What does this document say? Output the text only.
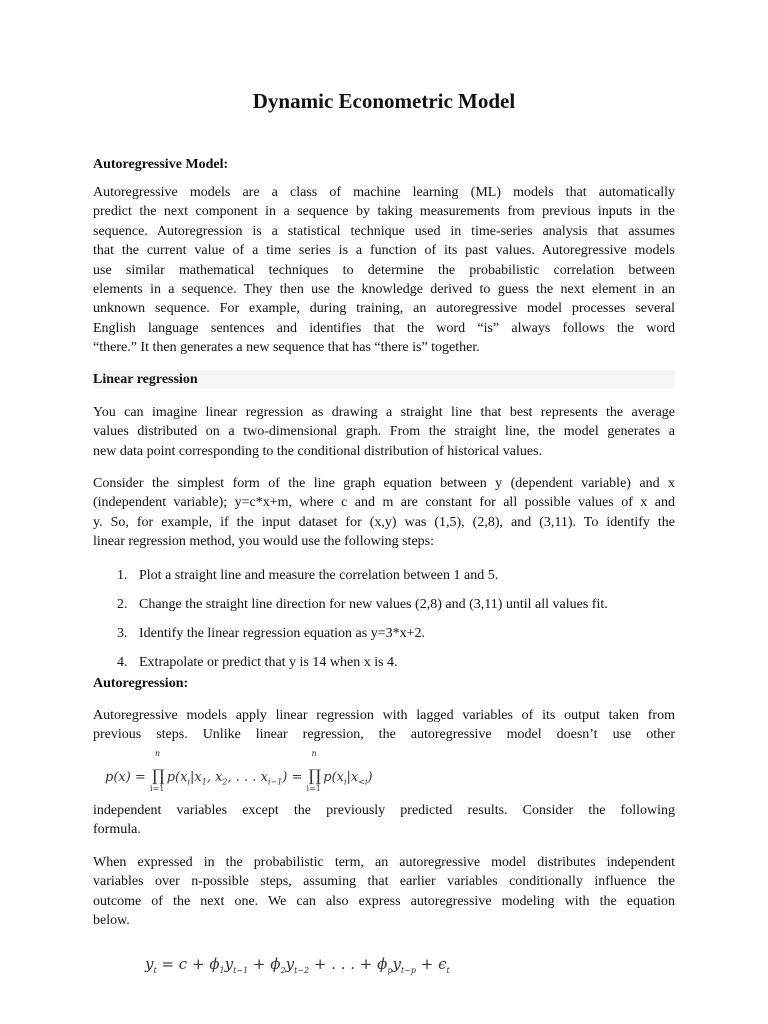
Dynamic Econometric Model
Autoregressive Model:

Autoregressive models are a class of machine learning (ML) models that automatically
predict the next component in a sequence by taking measurements from previous inputs in the
sequence. Autoregression is a statistical technique used in time-series analysis that assumes
that the current value of a time series is a function of its past values. Autoregressive models
use similar mathematical techniques to determine the probabilistic correlation between
elements in a sequence. They then use the knowledge derived to guess the next element in an
unknown sequence. For example, during training, an autoregressive model processes several
English language sentences and identifies that the word “is” always follows the word
“there.” It then generates a new sequence that has “there is” together.

Linear regression

You can imagine linear regression as drawing a straight line that best represents the average
values distributed on a two-dimensional graph. From the straight line, the model generates a
new data point corresponding to the conditional distribution of historical values.

Consider the simplest form of the line graph equation between y (dependent variable) and x
(independent variable); y=c*x+m, where c and m are constant for all possible values of x and
y. So, for example, if the input dataset for (x,y) was (1,5), (2,8), and (3,11). To identify the
linear regression method, you would use the following steps:

1. Plot a straight line and measure the correlation between 1 and 5.
2. Change the straight line direction for new values (2,8) and (3,11) until all values fit.
3. Identify the linear regression equation as y=3*x+2.
4. Extrapolate or predict that y is 14 when x is 4.
Autoregression:

Autoregressive models apply linear regression with lagged variables of its output taken from
previous steps. Unlike linear regression, the autoregressive model doesn’t use other

p(x) = ∏
n
i=1
$p(x_i|x_1$, $x_2$, . . . $x_{i-1}$) = ∏
n
i=1
$p(x_i|x_{<i})$

independent variables except the previously predicted results. Consider the following
formula.

When expressed in the probabilistic term, an autoregressive model distributes independent
variables over n-possible steps, assuming that earlier variables conditionally influence the
outcome of the next one. We can also express autoregressive modeling with the equation
below.

$y_t = c + \phi_1y_{t-1} + \phi_2y_{t-2}$ + . . . + $\phi_py_{t-p} + \epsilon_t$
